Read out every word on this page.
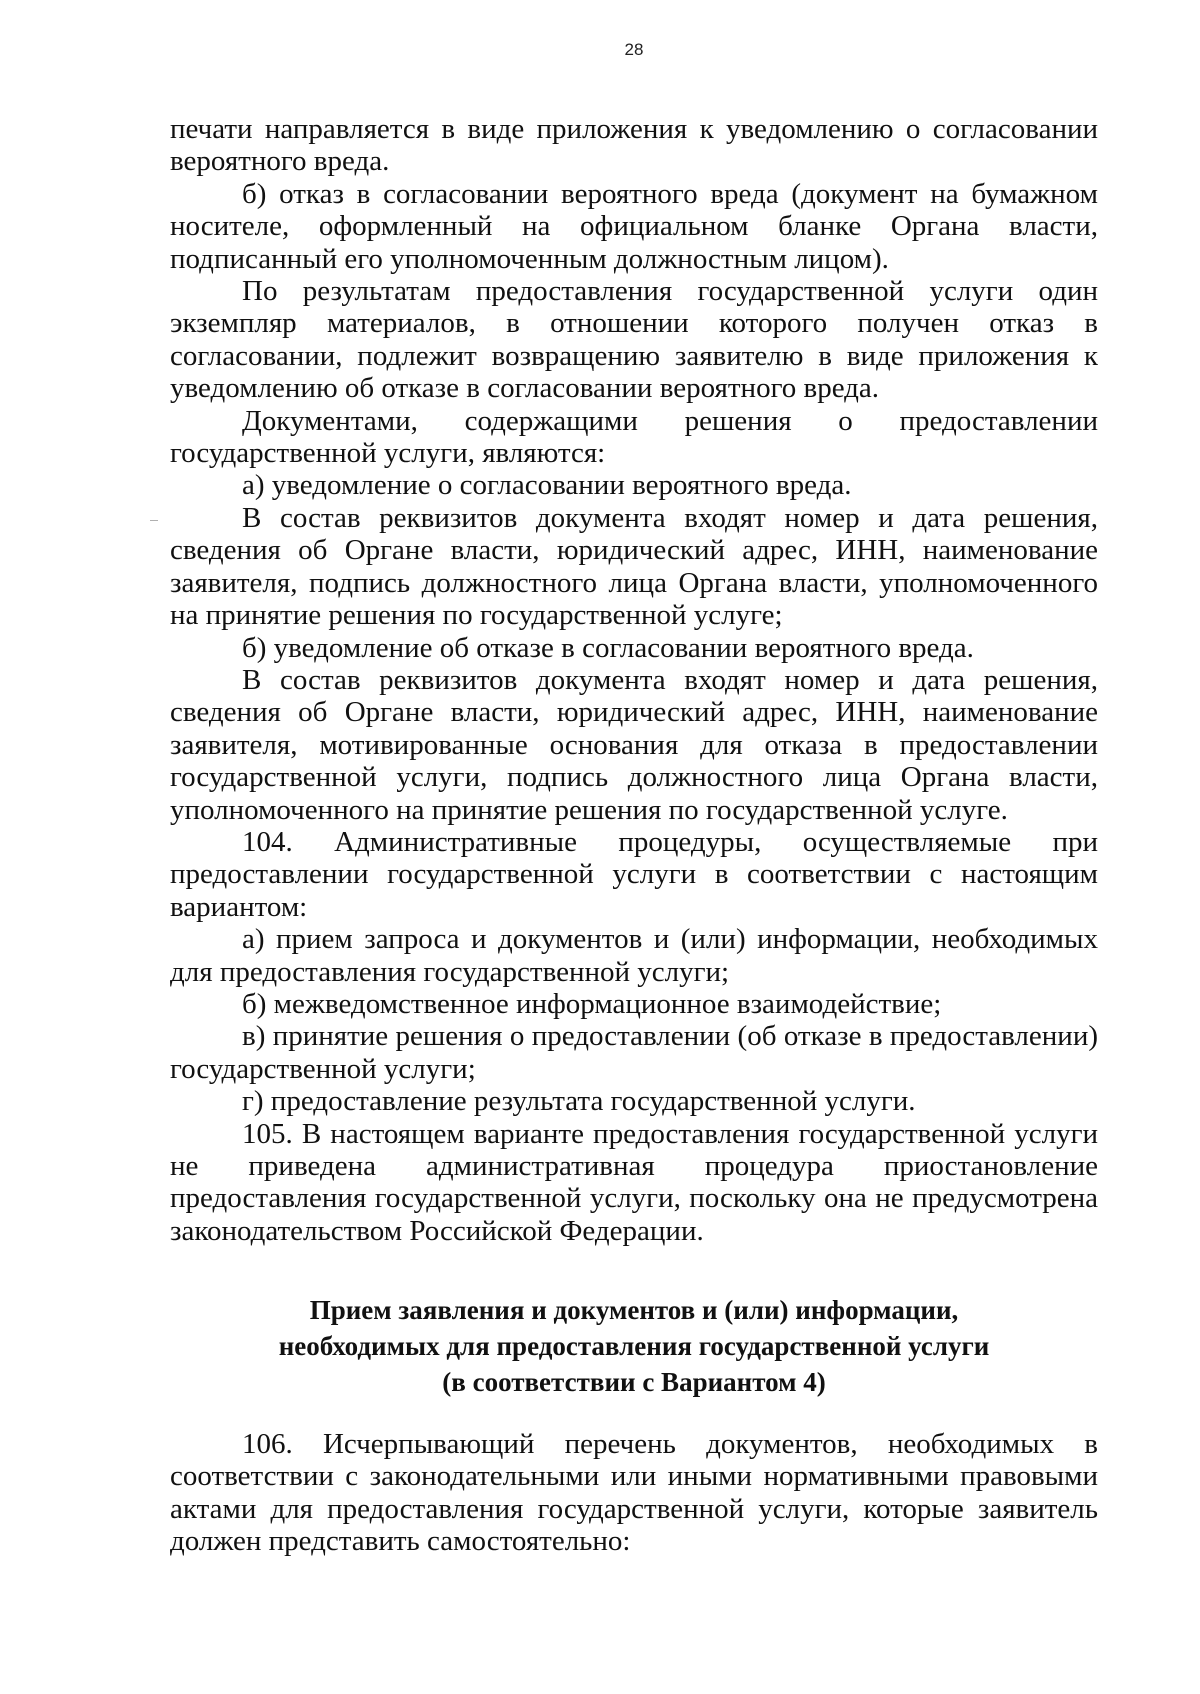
28

печати направляется в виде приложения к уведомлению о согласовании вероятного вреда.

б) отказ в согласовании вероятного вреда (документ на бумажном носителе, оформленный на официальном бланке Органа власти, подписанный его уполномоченным должностным лицом).

По результатам предоставления государственной услуги один экземпляр материалов, в отношении которого получен отказ в согласовании, подлежит возвращению заявителю в виде приложения к уведомлению об отказе в согласовании вероятного вреда.

Документами, содержащими решения о предоставлении государственной услуги, являются:

а) уведомление о согласовании вероятного вреда.

В состав реквизитов документа входят номер и дата решения, сведения об Органе власти, юридический адрес, ИНН, наименование заявителя, подпись должностного лица Органа власти, уполномоченного на принятие решения по государственной услуге;

б) уведомление об отказе в согласовании вероятного вреда.

В состав реквизитов документа входят номер и дата решения, сведения об Органе власти, юридический адрес, ИНН, наименование заявителя, мотивированные основания для отказа в предоставлении государственной услуги, подпись должностного лица Органа власти, уполномоченного на принятие решения по государственной услуге.

104. Административные процедуры, осуществляемые при предоставлении государственной услуги в соответствии с настоящим вариантом:

а) прием запроса и документов и (или) информации, необходимых для предоставления государственной услуги;

б) межведомственное информационное взаимодействие;

в) принятие решения о предоставлении (об отказе в предоставлении) государственной услуги;

г) предоставление результата государственной услуги.

105. В настоящем варианте предоставления государственной услуги не приведена административная процедура приостановление предоставления государственной услуги, поскольку она не предусмотрена законодательством Российской Федерации.

Прием заявления и документов и (или) информации,
необходимых для предоставления государственной услуги
(в соответствии с Вариантом 4)

106. Исчерпывающий перечень документов, необходимых в соответствии с законодательными или иными нормативными правовыми актами для предоставления государственной услуги, которые заявитель должен представить самостоятельно:
